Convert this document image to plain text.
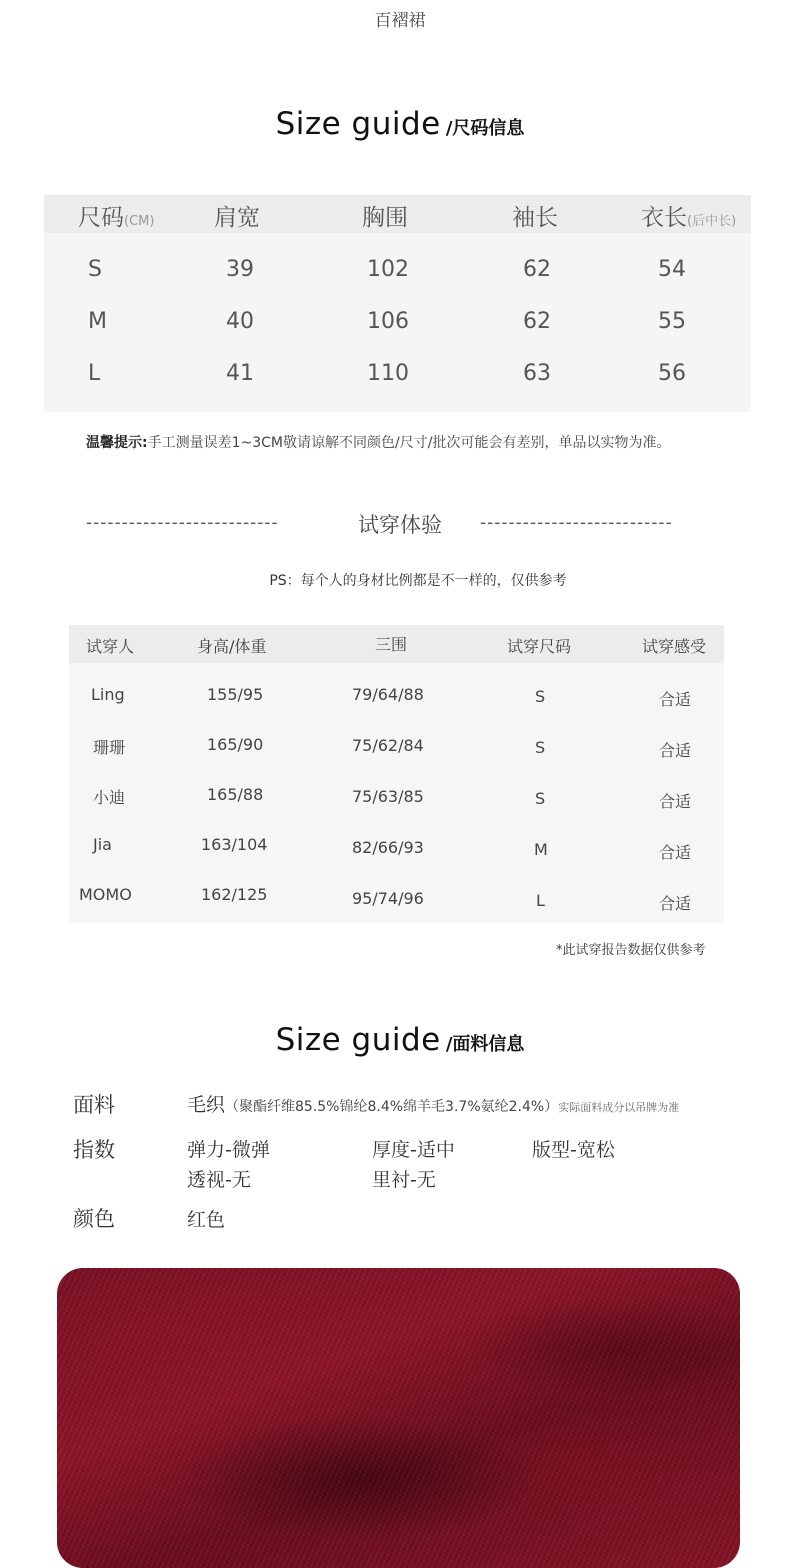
百褶裙
Size guide /尺码信息
尺码(CM)	肩宽	胸围	袖长	衣长(后中长)
S	39	102	62	54
M	40	106	62	55
L	41	110	63	56
温馨提示:手工测量误差1~3CM敬请谅解不同颜色/尺寸/批次可能会有差别，单品以实物为准。
---------------------------	试穿体验	---------------------------
PS：每个人的身材比例都是不一样的，仅供参考
试穿人	身高/体重	三围	试穿尺码	试穿感受
Ling	155/95	79/64/88	S	合适
珊珊	165/90	75/62/84	S	合适
小迪	165/88	75/63/85	S	合适
Jia	163/104	82/66/93	M	合适
MOMO	162/125	95/74/96	L	合适
*此试穿报告数据仅供参考
Size guide /面料信息
面料	毛织（聚酯纤维85.5%锦纶8.4%绵羊毛3.7%氨纶2.4%）实际面料成分以吊牌为准
指数	弹力-微弹	厚度-适中	版型-宽松
透视-无	里衬-无
颜色	红色
